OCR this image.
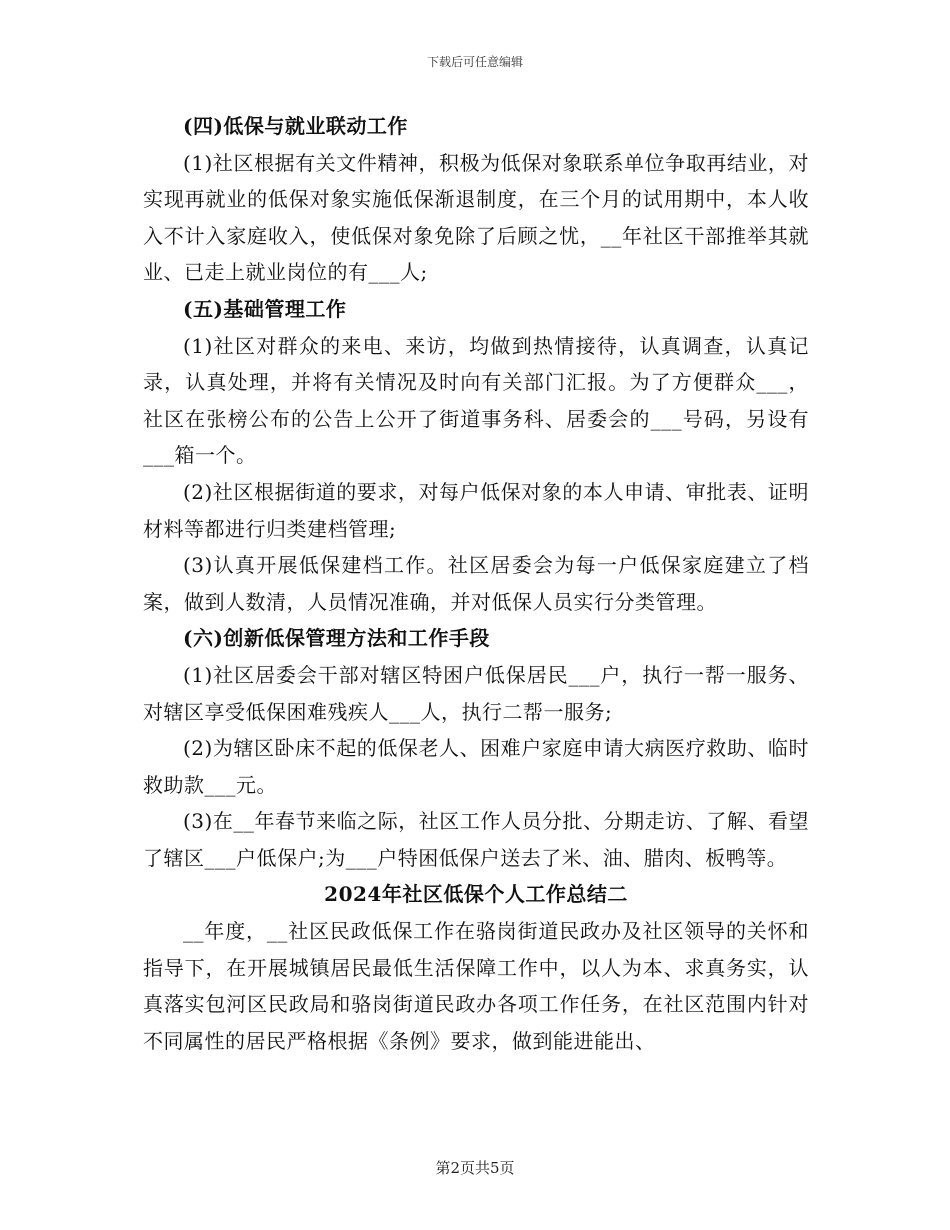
下载后可任意编辑

(四)低保与就业联动工作

(1)社区根据有关文件精神，积极为低保对象联系单位争取再结业，对实现再就业的低保对象实施低保渐退制度，在三个月的试用期中，本人收入不计入家庭收入，使低保对象免除了后顾之忧，__年社区干部推举其就业、已走上就业岗位的有___人;

(五)基础管理工作

(1)社区对群众的来电、来访，均做到热情接待，认真调查，认真记录，认真处理，并将有关情况及时向有关部门汇报。为了方便群众___，社区在张榜公布的公告上公开了街道事务科、居委会的___号码，另设有___箱一个。

(2)社区根据街道的要求，对每户低保对象的本人申请、审批表、证明材料等都进行归类建档管理;

(3)认真开展低保建档工作。社区居委会为每一户低保家庭建立了档案，做到人数清，人员情况准确，并对低保人员实行分类管理。

(六)创新低保管理方法和工作手段

(1)社区居委会干部对辖区特困户低保居民___户，执行一帮一服务、对辖区享受低保困难残疾人___人，执行二帮一服务;

(2)为辖区卧床不起的低保老人、困难户家庭申请大病医疗救助、临时救助款___元。

(3)在__年春节来临之际，社区工作人员分批、分期走访、了解、看望了辖区___户低保户;为___户特困低保户送去了米、油、腊肉、板鸭等。

2024年社区低保个人工作总结二

__年度，__社区民政低保工作在骆岗街道民政办及社区领导的关怀和指导下，在开展城镇居民最低生活保障工作中，以人为本、求真务实，认真落实包河区民政局和骆岗街道民政办各项工作任务，在社区范围内针对不同属性的居民严格根据《条例》要求，做到能进能出、

第2页共5页
